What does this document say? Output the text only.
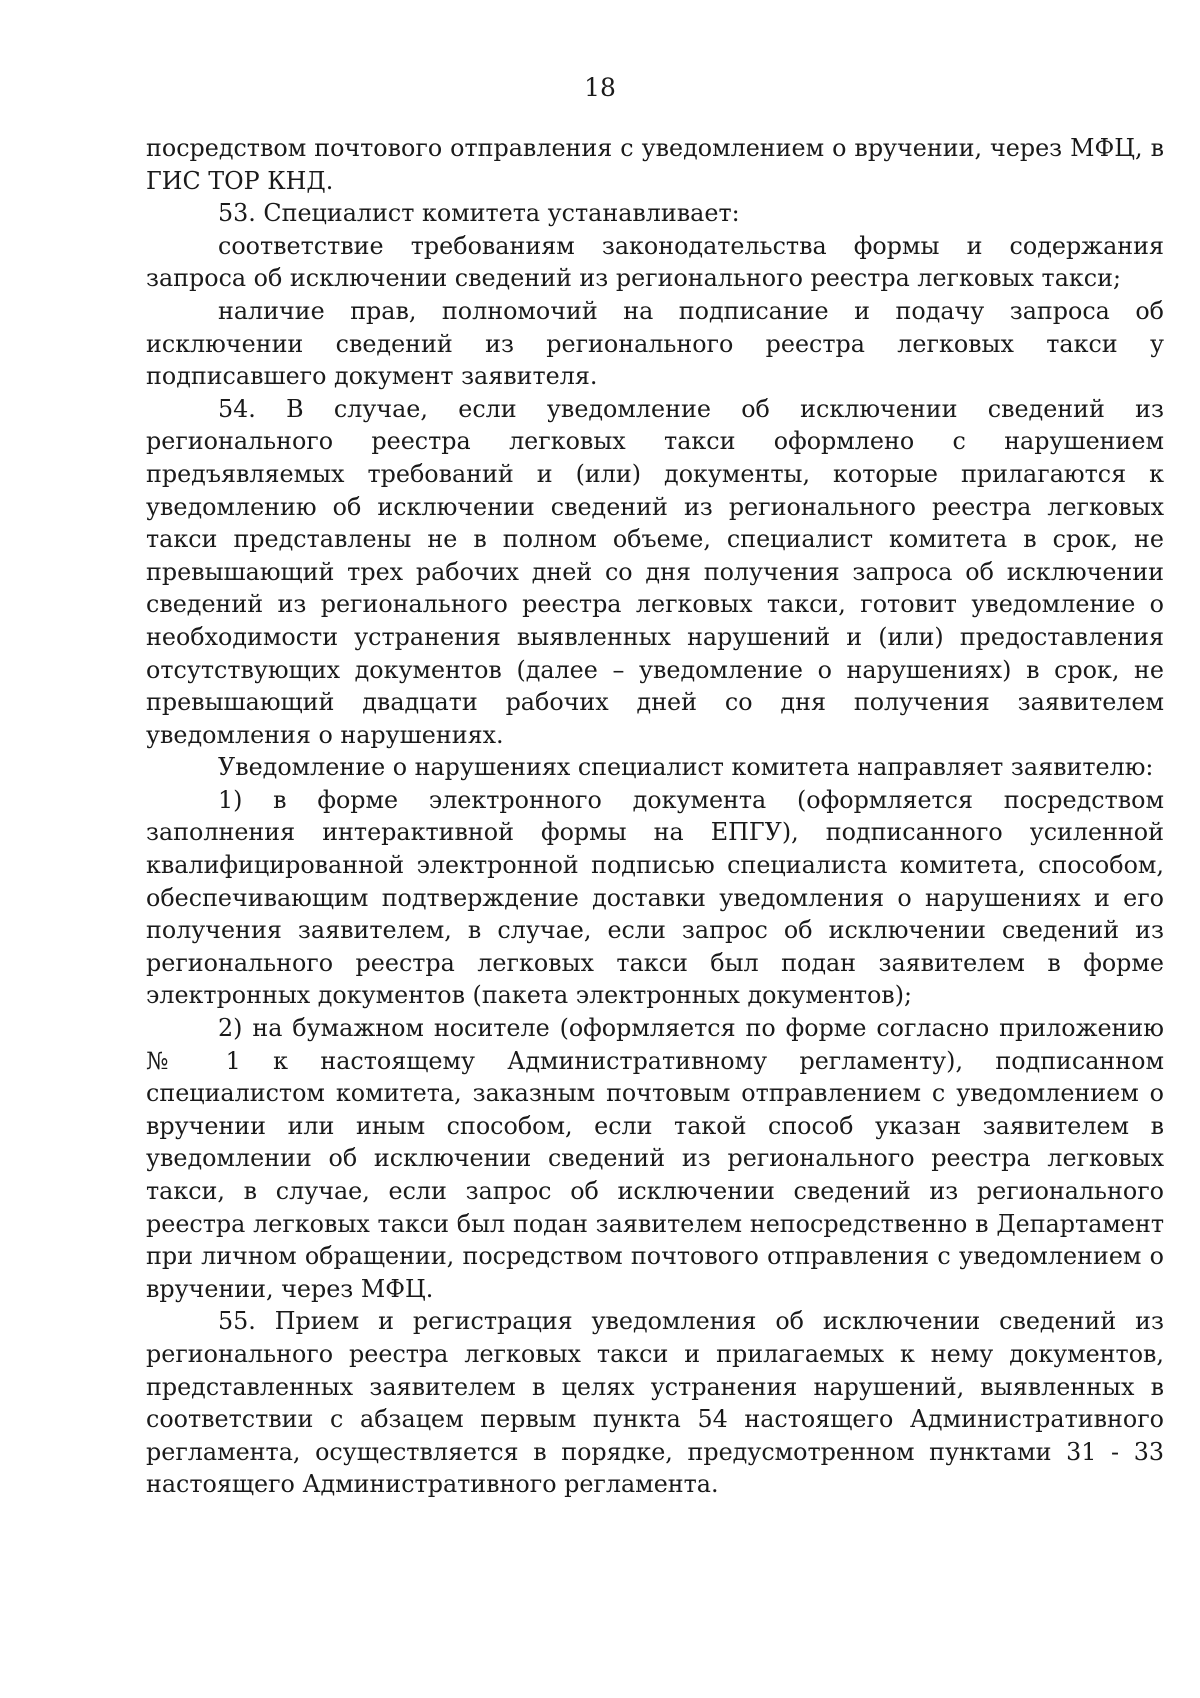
18

посредством почтового отправления с уведомлением о вручении, через МФЦ, в ГИС ТОР КНД.

53. Специалист комитета устанавливает:

соответствие требованиям законодательства формы и содержания запроса об исключении сведений из регионального реестра легковых такси;

наличие прав, полномочий на подписание и подачу запроса об исключении сведений из регионального реестра легковых такси у подписавшего документ заявителя.

54. В случае, если уведомление об исключении сведений из регионального реестра легковых такси оформлено с нарушением предъявляемых требований и (или) документы, которые прилагаются к уведомлению об исключении сведений из регионального реестра легковых такси представлены не в полном объеме, специалист комитета в срок, не превышающий трех рабочих дней со дня получения запроса об исключении сведений из регионального реестра легковых такси, готовит уведомление о необходимости устранения выявленных нарушений и (или) предоставления отсутствующих документов (далее – уведомление о нарушениях) в срок, не превышающий двадцати рабочих дней со дня получения заявителем уведомления о нарушениях.

Уведомление о нарушениях специалист комитета направляет заявителю:

1) в форме электронного документа (оформляется посредством заполнения интерактивной формы на ЕПГУ), подписанного усиленной квалифицированной электронной подписью специалиста комитета, способом, обеспечивающим подтверждение доставки уведомления о нарушениях и его получения заявителем, в случае, если запрос об исключении сведений из регионального реестра легковых такси был подан заявителем в форме электронных документов (пакета электронных документов);

2) на бумажном носителе (оформляется по форме согласно приложению № 1 к настоящему Административному регламенту), подписанном специалистом комитета, заказным почтовым отправлением с уведомлением о вручении или иным способом, если такой способ указан заявителем в уведомлении об исключении сведений из регионального реестра легковых такси, в случае, если запрос об исключении сведений из регионального реестра легковых такси был подан заявителем непосредственно в Департамент при личном обращении, посредством почтового отправления с уведомлением о вручении, через МФЦ.

55. Прием и регистрация уведомления об исключении сведений из регионального реестра легковых такси и прилагаемых к нему документов, представленных заявителем в целях устранения нарушений, выявленных в соответствии с абзацем первым пункта 54 настоящего Административного регламента, осуществляется в порядке, предусмотренном пунктами 31 - 33 настоящего Административного регламента.
